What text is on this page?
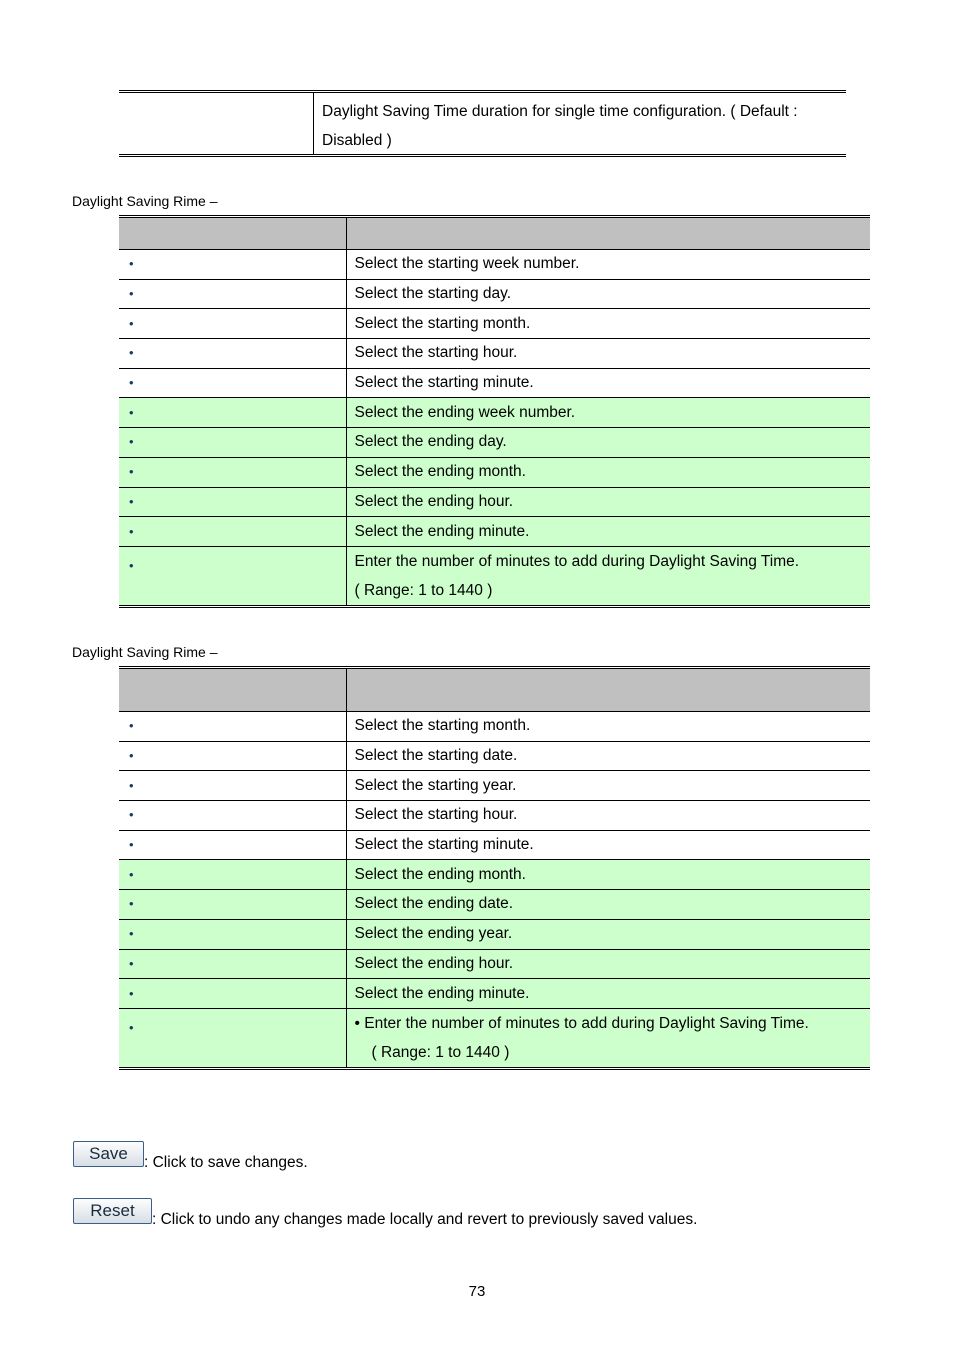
Daylight Saving Time duration for single time configuration. ( Default : Disabled )
Daylight Saving Rime –

•	Select the starting week number.
•	Select the starting day.
•	Select the starting month.
•	Select the starting hour.
•	Select the starting minute.
•	Select the ending week number.
•	Select the ending day.
•	Select the ending month.
•	Select the ending hour.
•	Select the ending minute.
•	Enter the number of minutes to add during Daylight Saving Time.
( Range: 1 to 1440 )
Daylight Saving Rime –

•	Select the starting month.
•	Select the starting date.
•	Select the starting year.
•	Select the starting hour.
•	Select the starting minute.
•	Select the ending month.
•	Select the ending date.
•	Select the ending year.
•	Select the ending hour.
•	Select the ending minute.
•	• Enter the number of minutes to add during Daylight Saving Time.
( Range: 1 to 1440 )
Save	: Click to save changes.
Reset	: Click to undo any changes made locally and revert to previously saved values.
73
